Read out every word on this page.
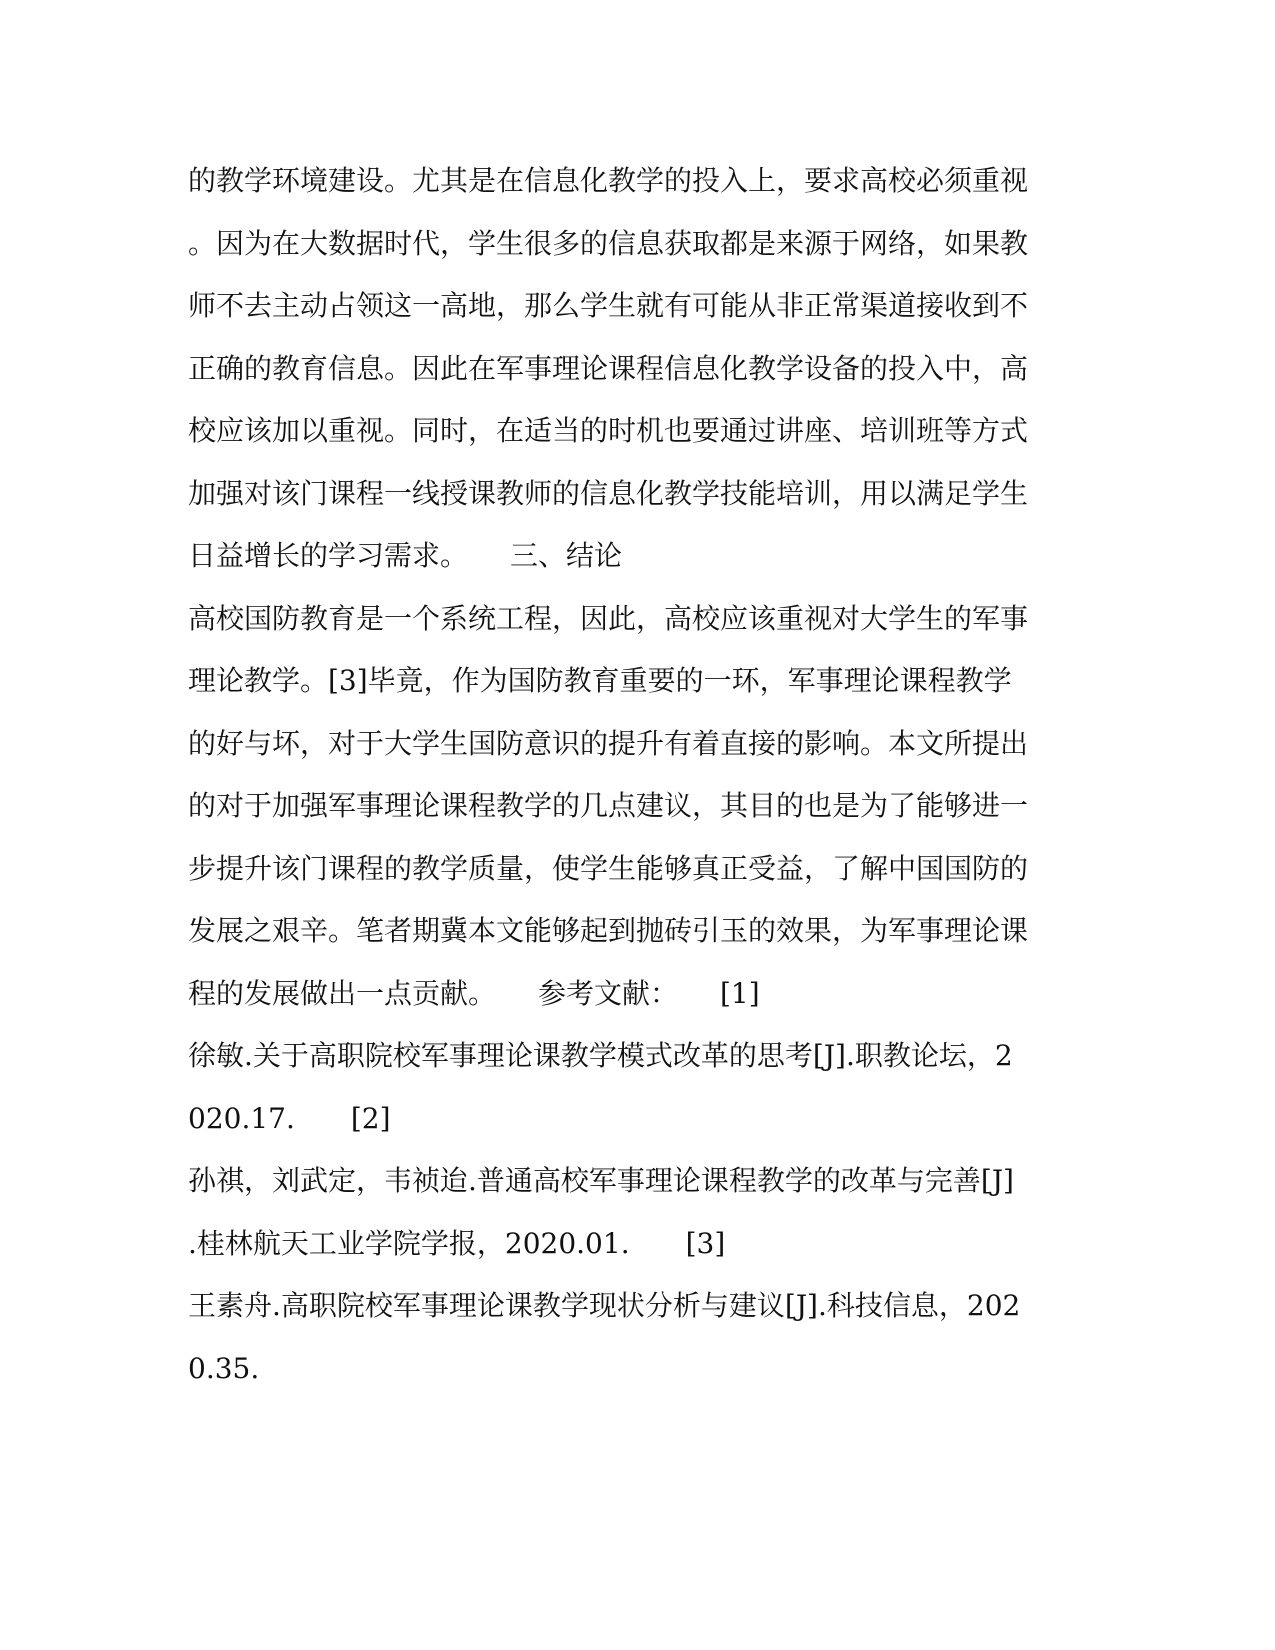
的教学环境建设。尤其是在信息化教学的投入上，要求高校必须重视
。因为在大数据时代，学生很多的信息获取都是来源于网络，如果教
师不去主动占领这一高地，那么学生就有可能从非正常渠道接收到不
正确的教育信息。因此在军事理论课程信息化教学设备的投入中，高
校应该加以重视。同时，在适当的时机也要通过讲座、培训班等方式
加强对该门课程一线授课教师的信息化教学技能培训，用以满足学生
日益增长的学习需求。　　三、结论
高校国防教育是一个系统工程，因此，高校应该重视对大学生的军事
理论教学。[3]毕竟，作为国防教育重要的一环，军事理论课程教学
的好与坏，对于大学生国防意识的提升有着直接的影响。本文所提出
的对于加强军事理论课程教学的几点建议，其目的也是为了能够进一
步提升该门课程的教学质量，使学生能够真正受益，了解中国国防的
发展之艰辛。笔者期冀本文能够起到抛砖引玉的效果，为军事理论课
程的发展做出一点贡献。　　参考文献：　　[1]
徐敏.关于高职院校军事理论课教学模式改革的思考[J].职教论坛，2
020.17.　　[2]
孙祺，刘武定，韦祯迨.普通高校军事理论课程教学的改革与完善[J]
.桂林航天工业学院学报，2020.01.　　[3]
王素舟.高职院校军事理论课教学现状分析与建议[J].科技信息，202
0.35.
